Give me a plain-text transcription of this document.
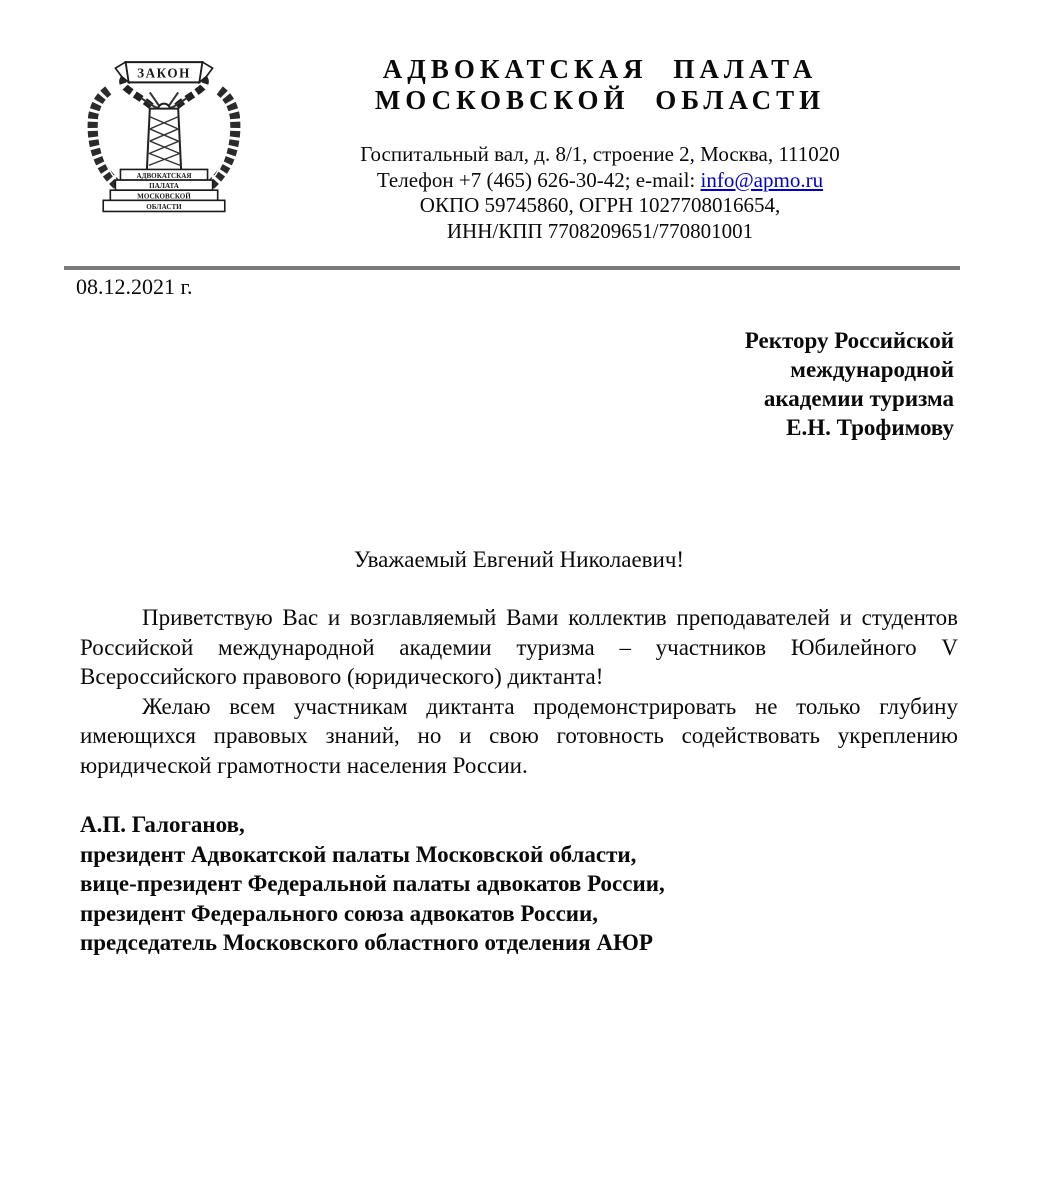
ЗАКОН
АДВОКАТСКАЯ
ПАЛАТА
МОСКОВСКОЙ
ОБЛАСТИ
АДВОКАТСКАЯ ПАЛАТА
МОСКОВСКОЙ ОБЛАСТИ
Госпитальный вал, д. 8/1, строение 2, Москва, 111020
Телефон +7 (465) 626-30-42; e-mail: info@apmo.ru
ОКПО 59745860, ОГРН 1027708016654,
ИНН/КПП 7708209651/770801001
08.12.2021 г.
Ректору Российской
международной
академии туризма
Е.Н. Трофимову
Уважаемый Евгений Николаевич!

Приветствую Вас и возглавляемый Вами коллектив преподавателей и студентов Российской международной академии туризма – участников Юбилейного V Всероссийского правового (юридического) диктанта!

Желаю всем участникам диктанта продемонстрировать не только глубину имеющихся правовых знаний, но и свою готовность содействовать укреплению юридической грамотности населения России.

А.П. Галоганов,
президент Адвокатской палаты Московской области,
вице-президент Федеральной палаты адвокатов России,
президент Федерального союза адвокатов России,
председатель Московского областного отделения АЮР
